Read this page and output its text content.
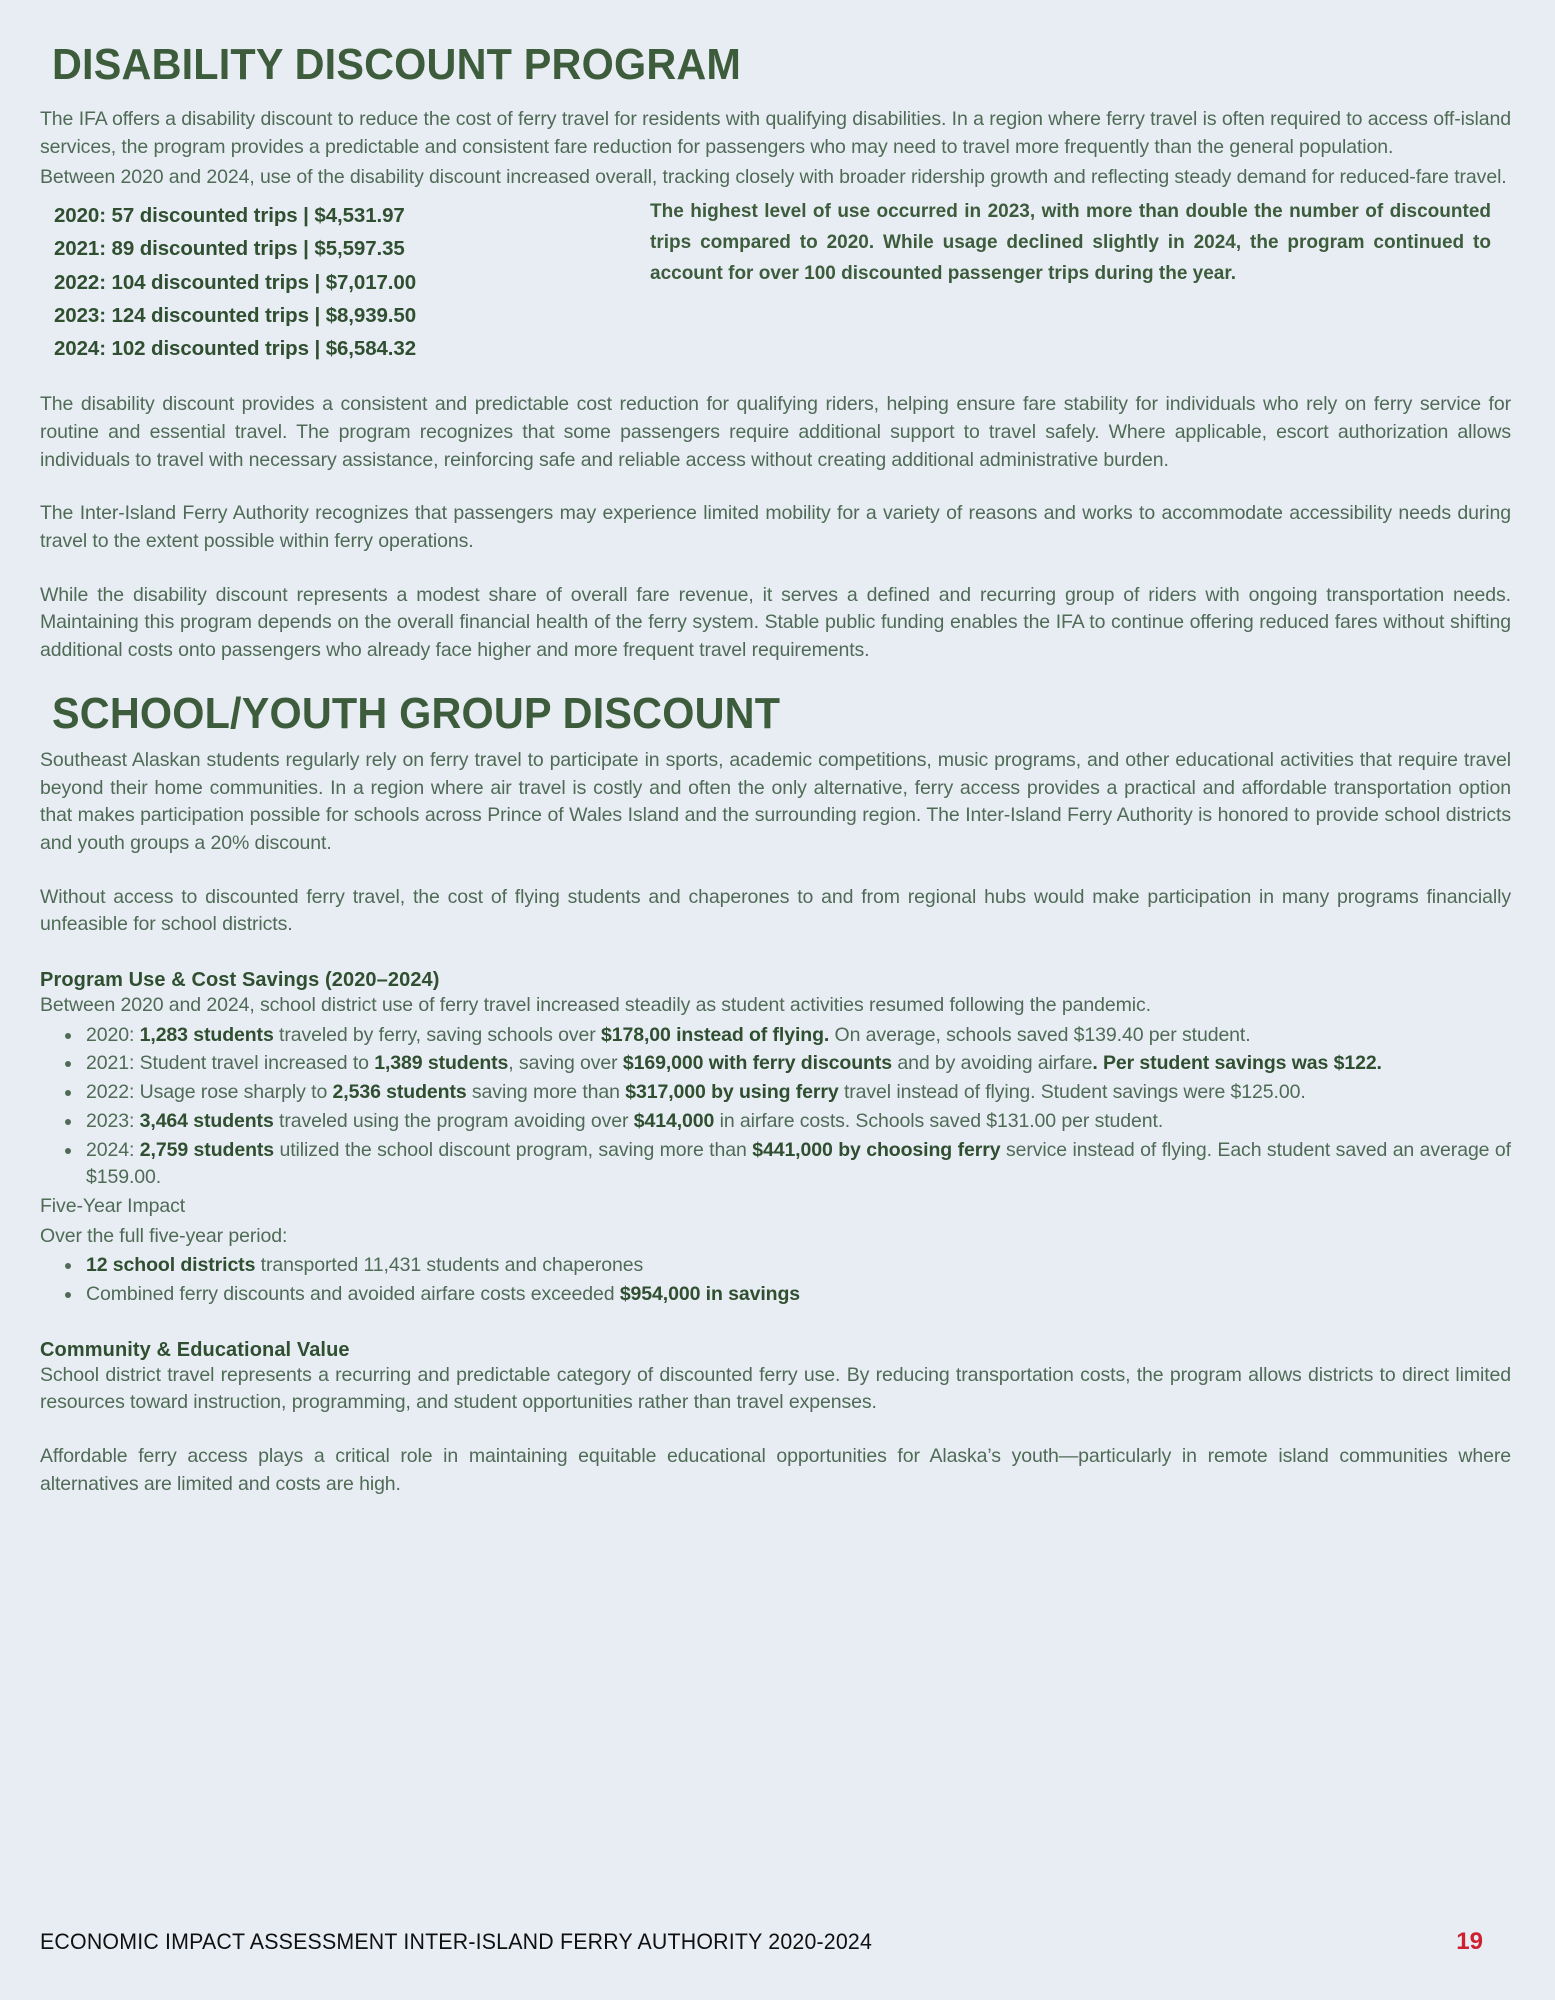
DISABILITY DISCOUNT PROGRAM

The IFA offers a disability discount to reduce the cost of ferry travel for residents with qualifying disabilities. In a region where ferry travel is often required to access off-island services, the program provides a predictable and consistent fare reduction for passengers who may need to travel more frequently than the general population.

Between 2020 and 2024, use of the disability discount increased overall, tracking closely with broader ridership growth and reflecting steady demand for reduced-fare travel.

2020: 57 discounted trips | $4,531.97
2021: 89 discounted trips | $5,597.35
2022: 104 discounted trips | $7,017.00
2023: 124 discounted trips | $8,939.50
2024: 102 discounted trips | $6,584.32

The highest level of use occurred in 2023, with more than double the number of discounted trips compared to 2020. While usage declined slightly in 2024, the program continued to account for over 100 discounted passenger trips during the year.

The disability discount provides a consistent and predictable cost reduction for qualifying riders, helping ensure fare stability for individuals who rely on ferry service for routine and essential travel. The program recognizes that some passengers require additional support to travel safely. Where applicable, escort authorization allows individuals to travel with necessary assistance, reinforcing safe and reliable access without creating additional administrative burden.

The Inter-Island Ferry Authority recognizes that passengers may experience limited mobility for a variety of reasons and works to accommodate accessibility needs during travel to the extent possible within ferry operations.

While the disability discount represents a modest share of overall fare revenue, it serves a defined and recurring group of riders with ongoing transportation needs. Maintaining this program depends on the overall financial health of the ferry system. Stable public funding enables the IFA to continue offering reduced fares without shifting additional costs onto passengers who already face higher and more frequent travel requirements.

SCHOOL/YOUTH GROUP DISCOUNT

Southeast Alaskan students regularly rely on ferry travel to participate in sports, academic competitions, music programs, and other educational activities that require travel beyond their home communities. In a region where air travel is costly and often the only alternative, ferry access provides a practical and affordable transportation option that makes participation possible for schools across Prince of Wales Island and the surrounding region. The Inter-Island Ferry Authority is honored to provide school districts and youth groups a 20% discount.

Without access to discounted ferry travel, the cost of flying students and chaperones to and from regional hubs would make participation in many programs financially unfeasible for school districts.

Program Use & Cost Savings (2020–2024)

Between 2020 and 2024, school district use of ferry travel increased steadily as student activities resumed following the pandemic.

2020: 1,283 students traveled by ferry, saving schools over $178,00 instead of flying. On average, schools saved $139.40 per student.
2021: Student travel increased to 1,389 students, saving over $169,000 with ferry discounts and by avoiding airfare. Per student savings was $122.
2022: Usage rose sharply to 2,536 students saving more than $317,000 by using ferry travel instead of flying. Student savings were $125.00.
2023: 3,464 students traveled using the program avoiding over $414,000 in airfare costs. Schools saved $131.00 per student.
2024: 2,759 students utilized the school discount program, saving more than $441,000 by choosing ferry service instead of flying. Each student saved an average of $159.00.

Five-Year Impact

Over the full five-year period:

12 school districts transported 11,431 students and chaperones
Combined ferry discounts and avoided airfare costs exceeded $954,000 in savings
Community & Educational Value

School district travel represents a recurring and predictable category of discounted ferry use. By reducing transportation costs, the program allows districts to direct limited resources toward instruction, programming, and student opportunities rather than travel expenses.

Affordable ferry access plays a critical role in maintaining equitable educational opportunities for Alaska’s youth—particularly in remote island communities where alternatives are limited and costs are high.

ECONOMIC IMPACT ASSESSMENT INTER-ISLAND FERRY AUTHORITY 2020-2024	19
